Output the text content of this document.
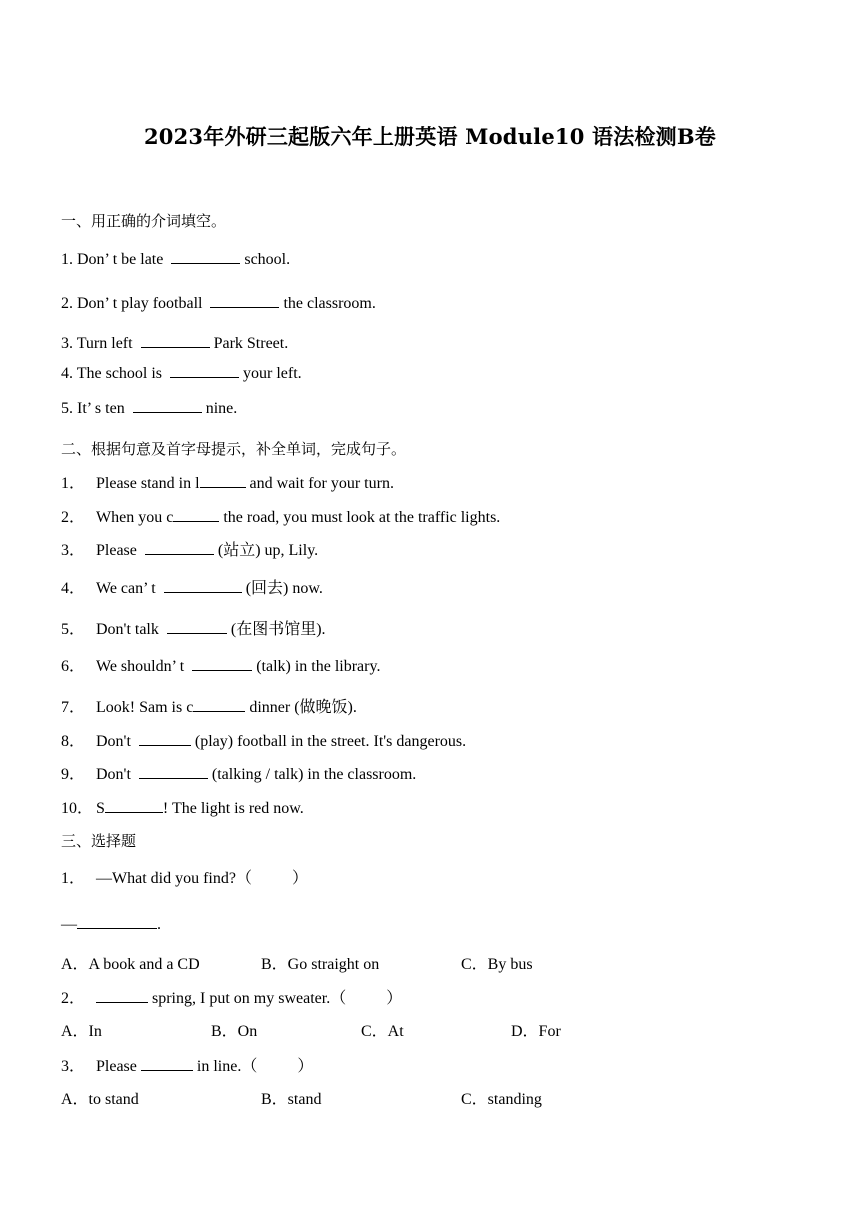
2023年外研三起版六年上册英语 Module10 语法检测B卷
一、用正确的介词填空。
1. Don’ t be late	school.
2. Don’ t play football	the classroom.
3. Turn left	Park Street.
4. The school is	your left.
5. It’ s ten	nine.
二、根据句意及首字母提示，补全单词，完成句子。
1． Please stand in l	and wait for your turn.
2． When you c	the road, you must look at the traffic lights.
3． Please	(站立) up, Lily.
4． We can’ t	(回去) now.
5． Don't talk	(在图书馆里).
6． We shouldn’ t	(talk) in the library.
7． Look! Sam is c	dinner (做晚饭).
8． Don't	(play) football in the street. It's dangerous.
9． Don't	(talking / talk) in the classroom.
10． S	! The light is red now.
三、选择题
1． —What did you find?（          ）
—	.
A．A book and a CD	B．Go straight on	C．By bus
2．	spring, I put on my sweater.（          ）
A．In	B．On	C．At	D．For
3． Please	in line.（          ）
A．to stand	B．stand	C．standing
